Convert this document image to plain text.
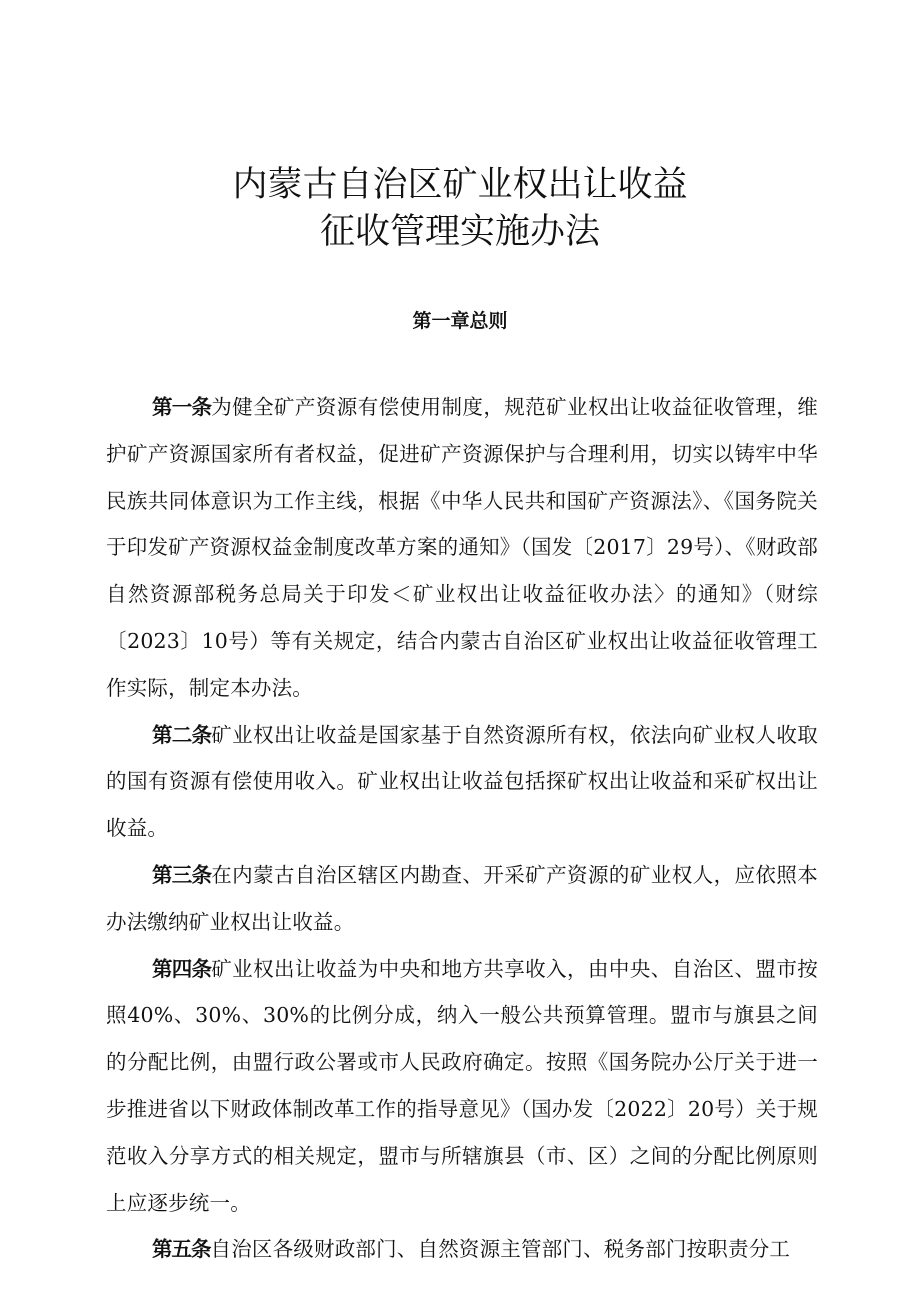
内蒙古自治区矿业权出让收益
征收管理实施办法
第一章总则

第一条为健全矿产资源有偿使用制度，规范矿业权出让收益征收管理，维护矿产资源国家所有者权益，促进矿产资源保护与合理利用，切实以铸牢中华民族共同体意识为工作主线，根据《中华人民共和国矿产资源法》、《国务院关于印发矿产资源权益金制度改革方案的通知》（国发〔2017〕29号）、《财政部自然资源部税务总局关于印发＜矿业权出让收益征收办法〉的通知》（财综〔2023〕10号）等有关规定，结合内蒙古自治区矿业权出让收益征收管理工作实际，制定本办法。

第二条矿业权出让收益是国家基于自然资源所有权，依法向矿业权人收取的国有资源有偿使用收入。矿业权出让收益包括探矿权出让收益和采矿权出让收益。

第三条在内蒙古自治区辖区内勘查、开采矿产资源的矿业权人，应依照本办法缴纳矿业权出让收益。

第四条矿业权出让收益为中央和地方共享收入，由中央、自治区、盟市按照40%、30%、30%的比例分成，纳入一般公共预算管理。盟市与旗县之间的分配比例，由盟行政公署或市人民政府确定。按照《国务院办公厅关于进一步推进省以下财政体制改革工作的指导意见》（国办发〔2022〕20号）关于规范收入分享方式的相关规定，盟市与所辖旗县（市、区）之间的分配比例原则上应逐步统一。

第五条自治区各级财政部门、自然资源主管部门、税务部门按职责分工
